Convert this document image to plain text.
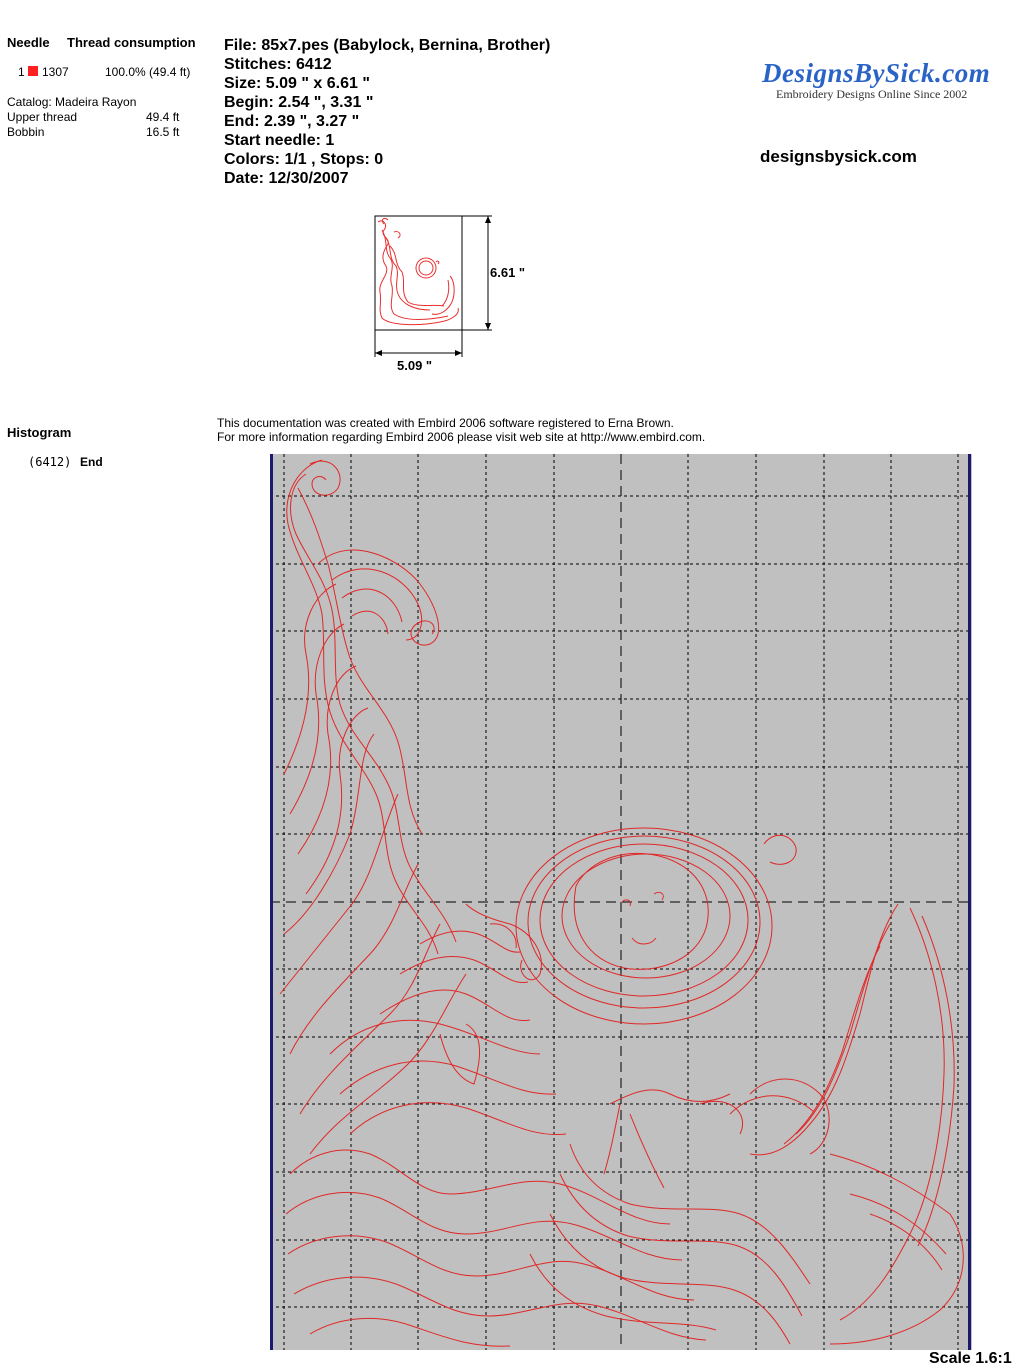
Needle Thread consumption
1 1307	100.0% (49.4 ft)
Catalog: Madeira Rayon
Upper thread	49.4 ft
Bobbin	16.5 ft
File: 85x7.pes (Babylock, Bernina, Brother)
Stitches: 6412
Size: 5.09 " x 6.61 "
Begin: 2.54 ", 3.31 "
End: 2.39 ", 3.27 "
Start needle: 1
Colors: 1/1 , Stops: 0
Date: 12/30/2007
DesignsBySick.com
Embroidery Designs Online Since 2002
designsbysick.com
6.61 "
5.09 "
Histogram
(6412) End
This documentation was created with Embird 2006 software registered to Erna Brown.
For more information regarding Embird 2006 please visit web site at http://www.embird.com.
Scale 1.6:1
